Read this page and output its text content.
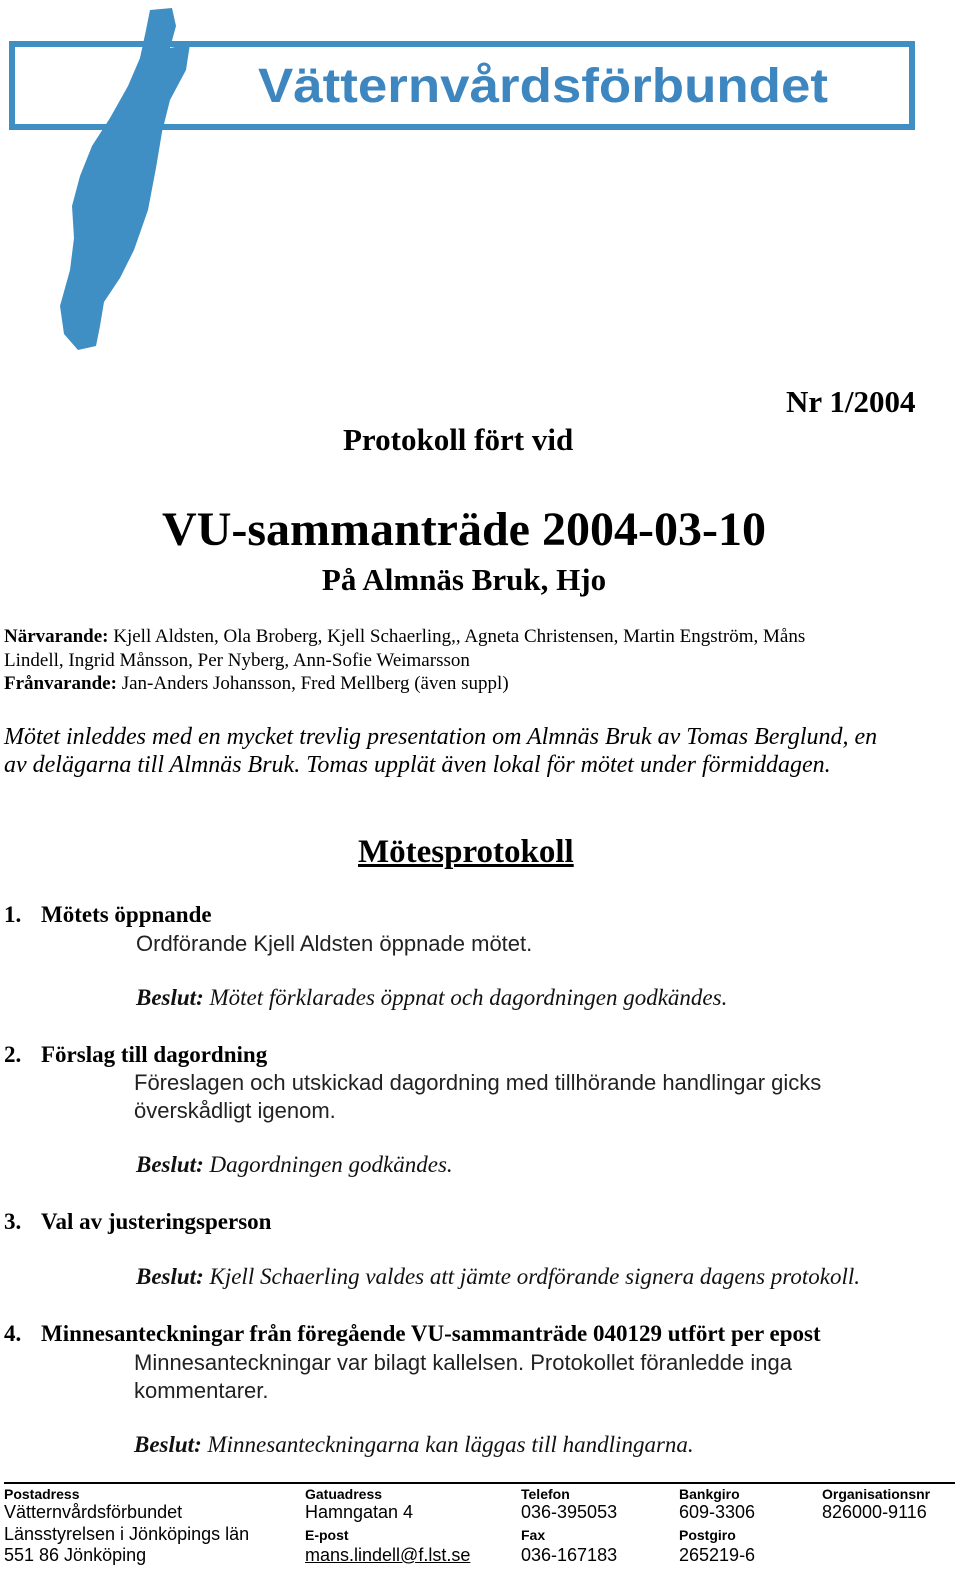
Vätternvårdsförbundet
Nr 1/2004
Protokoll fört vid
VU-sammanträde 2004-03-10
På Almnäs Bruk, Hjo
Närvarande: Kjell Aldsten, Ola Broberg, Kjell Schaerling,, Agneta Christensen, Martin Engström, Måns
Lindell, Ingrid Månsson, Per Nyberg, Ann-Sofie Weimarsson
Frånvarande: Jan-Anders Johansson, Fred Mellberg (även suppl)
Mötet inleddes med en mycket trevlig presentation om Almnäs Bruk av Tomas Berglund, en
av delägarna till Almnäs Bruk. Tomas upplät även lokal för mötet under förmiddagen.
Mötesprotokoll
1. Mötets öppnande
Ordförande Kjell Aldsten öppnade mötet.
Beslut: Mötet förklarades öppnat och dagordningen godkändes.
2. Förslag till dagordning
Föreslagen och utskickad dagordning med tillhörande handlingar gicks
överskådligt igenom.
Beslut: Dagordningen godkändes.
3. Val av justeringsperson
Beslut: Kjell Schaerling valdes att jämte ordförande signera dagens protokoll.
4. Minnesanteckningar från föregående VU-sammanträde 040129 utfört per epost
Minnesanteckningar var bilagt kallelsen. Protokollet föranledde inga
kommentarer.
Beslut: Minnesanteckningarna kan läggas till handlingarna.
Postadress
Vätternvårdsförbundet
Länsstyrelsen i Jönköpings län
551 86 Jönköping
Gatuadress
Hamngatan 4
E-post
mans.lindell@f.lst.se
Telefon
036-395053
Fax
036-167183
Bankgiro
609-3306
Postgiro
265219-6
Organisationsnr
826000-9116
